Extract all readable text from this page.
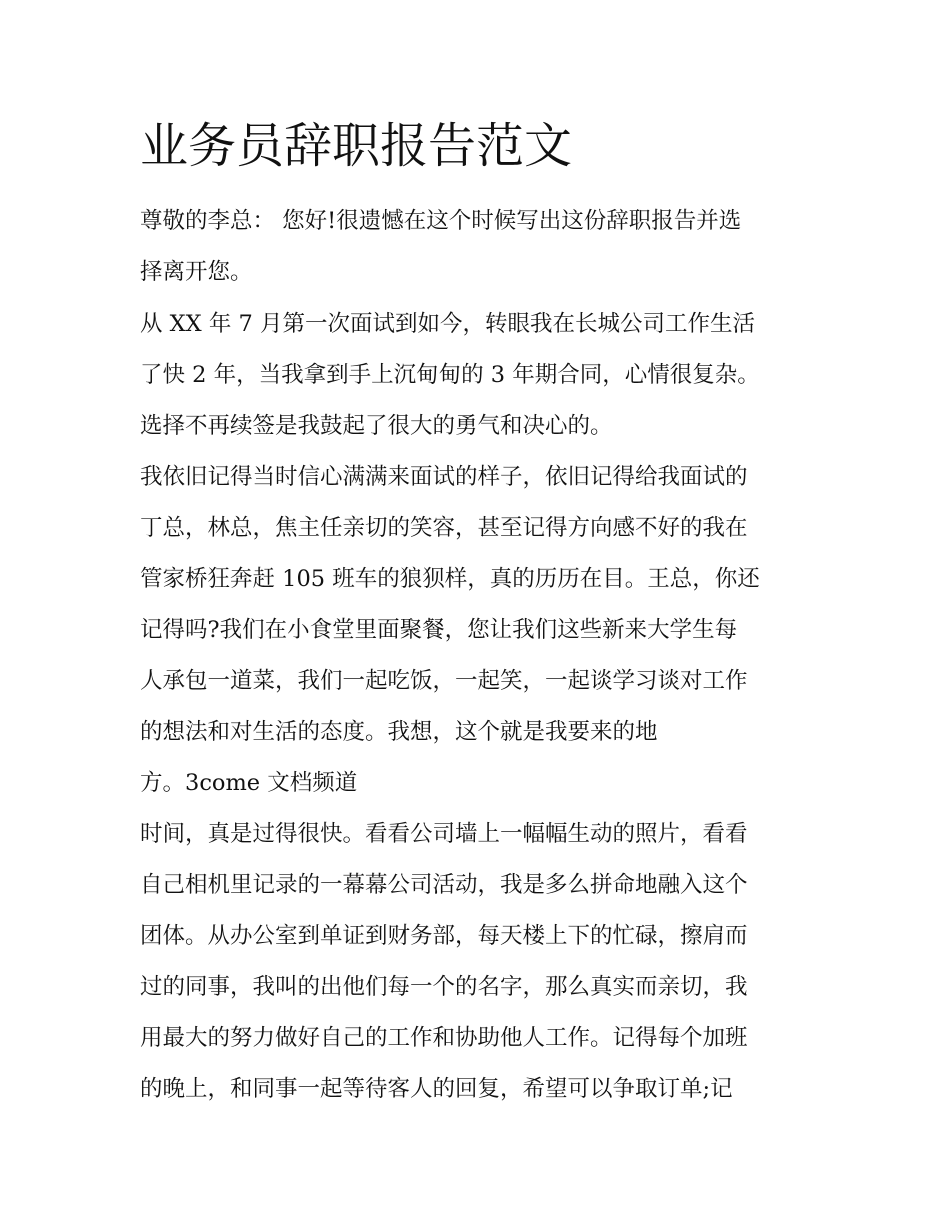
业务员辞职报告范文

尊敬的李总： 您好!很遗憾在这个时候写出这份辞职报告并选

择离开您。

从 XX 年 7 月第一次面试到如今，转眼我在长城公司工作生活

了快 2 年，当我拿到手上沉甸甸的 3 年期合同，心情很复杂。

选择不再续签是我鼓起了很大的勇气和决心的。

我依旧记得当时信心满满来面试的样子，依旧记得给我面试的

丁总，林总，焦主任亲切的笑容，甚至记得方向感不好的我在

管家桥狂奔赶 105 班车的狼狈样，真的历历在目。王总，你还

记得吗?我们在小食堂里面聚餐，您让我们这些新来大学生每

人承包一道菜，我们一起吃饭，一起笑，一起谈学习谈对工作

的想法和对生活的态度。我想，这个就是我要来的地

方。3come 文档频道

时间，真是过得很快。看看公司墙上一幅幅生动的照片，看看

自己相机里记录的一幕幕公司活动，我是多么拼命地融入这个

团体。从办公室到单证到财务部，每天楼上下的忙碌，擦肩而

过的同事，我叫的出他们每一个的名字，那么真实而亲切，我

用最大的努力做好自己的工作和协助他人工作。记得每个加班

的晚上，和同事一起等待客人的回复，希望可以争取订单;记
